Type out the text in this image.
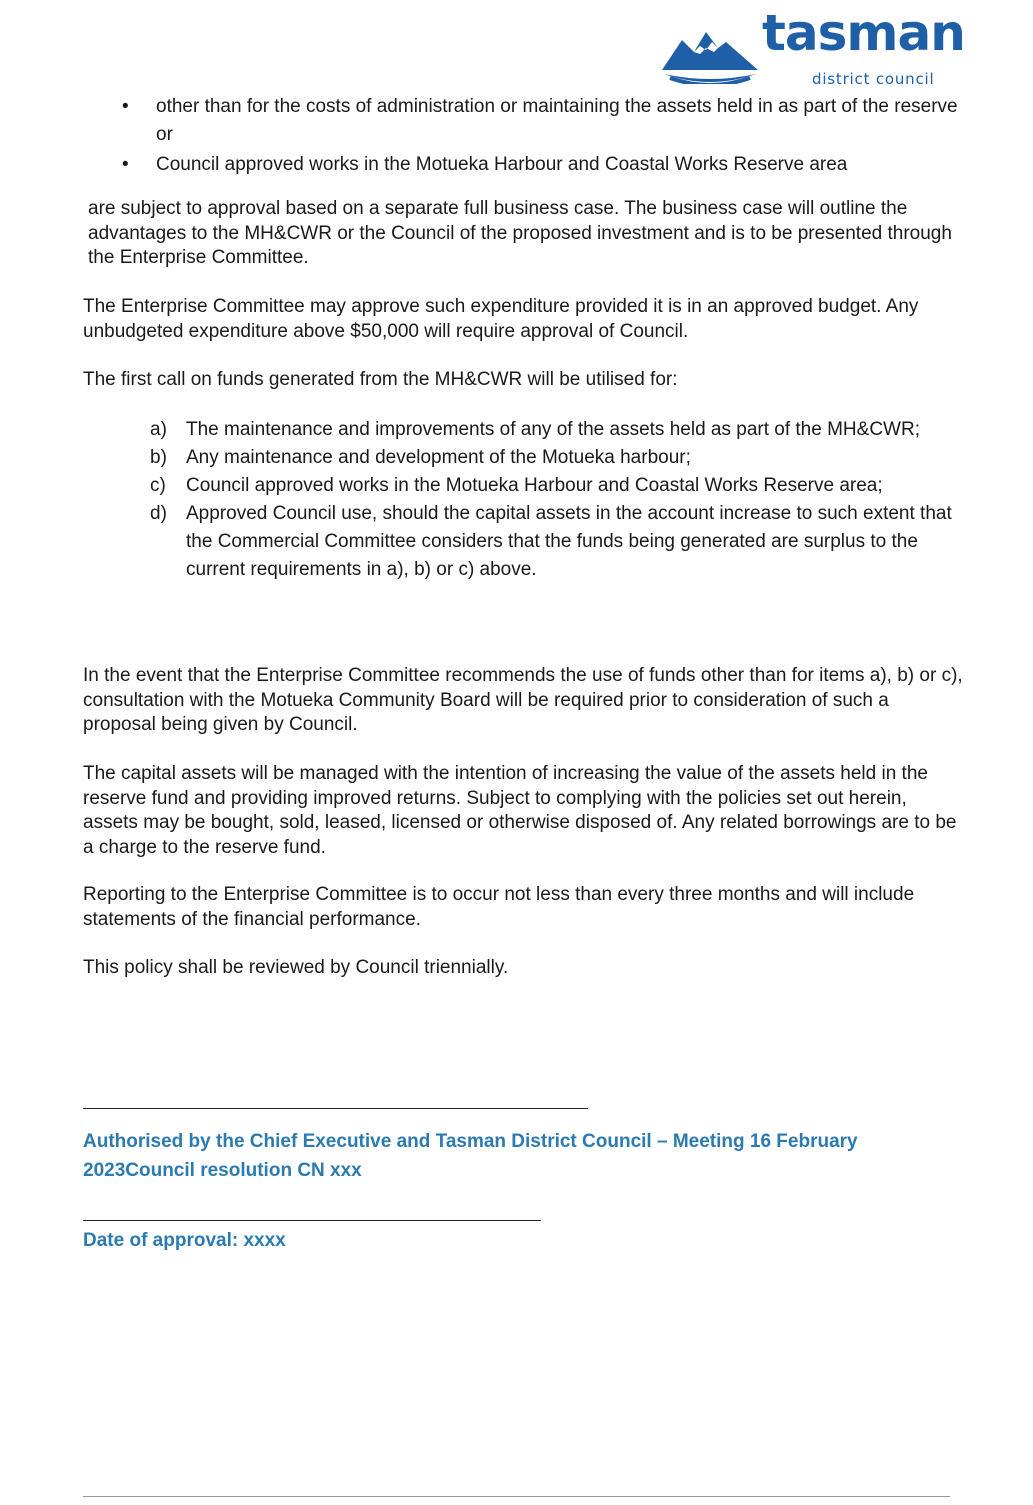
tasman
district council
• other than for the costs of administration or maintaining the assets held in as part of the reserve or
• Council approved works in the Motueka Harbour and Coastal Works Reserve area

are subject to approval based on a separate full business case. The business case will outline the advantages to the MH&CWR or the Council of the proposed investment and is to be presented through the Enterprise Committee.

The Enterprise Committee may approve such expenditure provided it is in an approved budget. Any unbudgeted expenditure above $50,000 will require approval of Council.

The first call on funds generated from the MH&CWR will be utilised for:

a) The maintenance and improvements of any of the assets held as part of the MH&CWR;
b) Any maintenance and development of the Motueka harbour;
c) Council approved works in the Motueka Harbour and Coastal Works Reserve area;
d) Approved Council use, should the capital assets in the account increase to such extent that the Commercial Committee considers that the funds being generated are surplus to the current requirements in a), b) or c) above.

In the event that the Enterprise Committee recommends the use of funds other than for items a), b) or c), consultation with the Motueka Community Board will be required prior to consideration of such a proposal being given by Council.

The capital assets will be managed with the intention of increasing the value of the assets held in the reserve fund and providing improved returns. Subject to complying with the policies set out herein, assets may be bought, sold, leased, licensed or otherwise disposed of. Any related borrowings are to be a charge to the reserve fund.

Reporting to the Enterprise Committee is to occur not less than every three months and will include statements of the financial performance.

This policy shall be reviewed by Council triennially.

Authorised by the Chief Executive and Tasman District Council – Meeting 16 February 2023Council resolution CN xxx
Date of approval: xxxx
